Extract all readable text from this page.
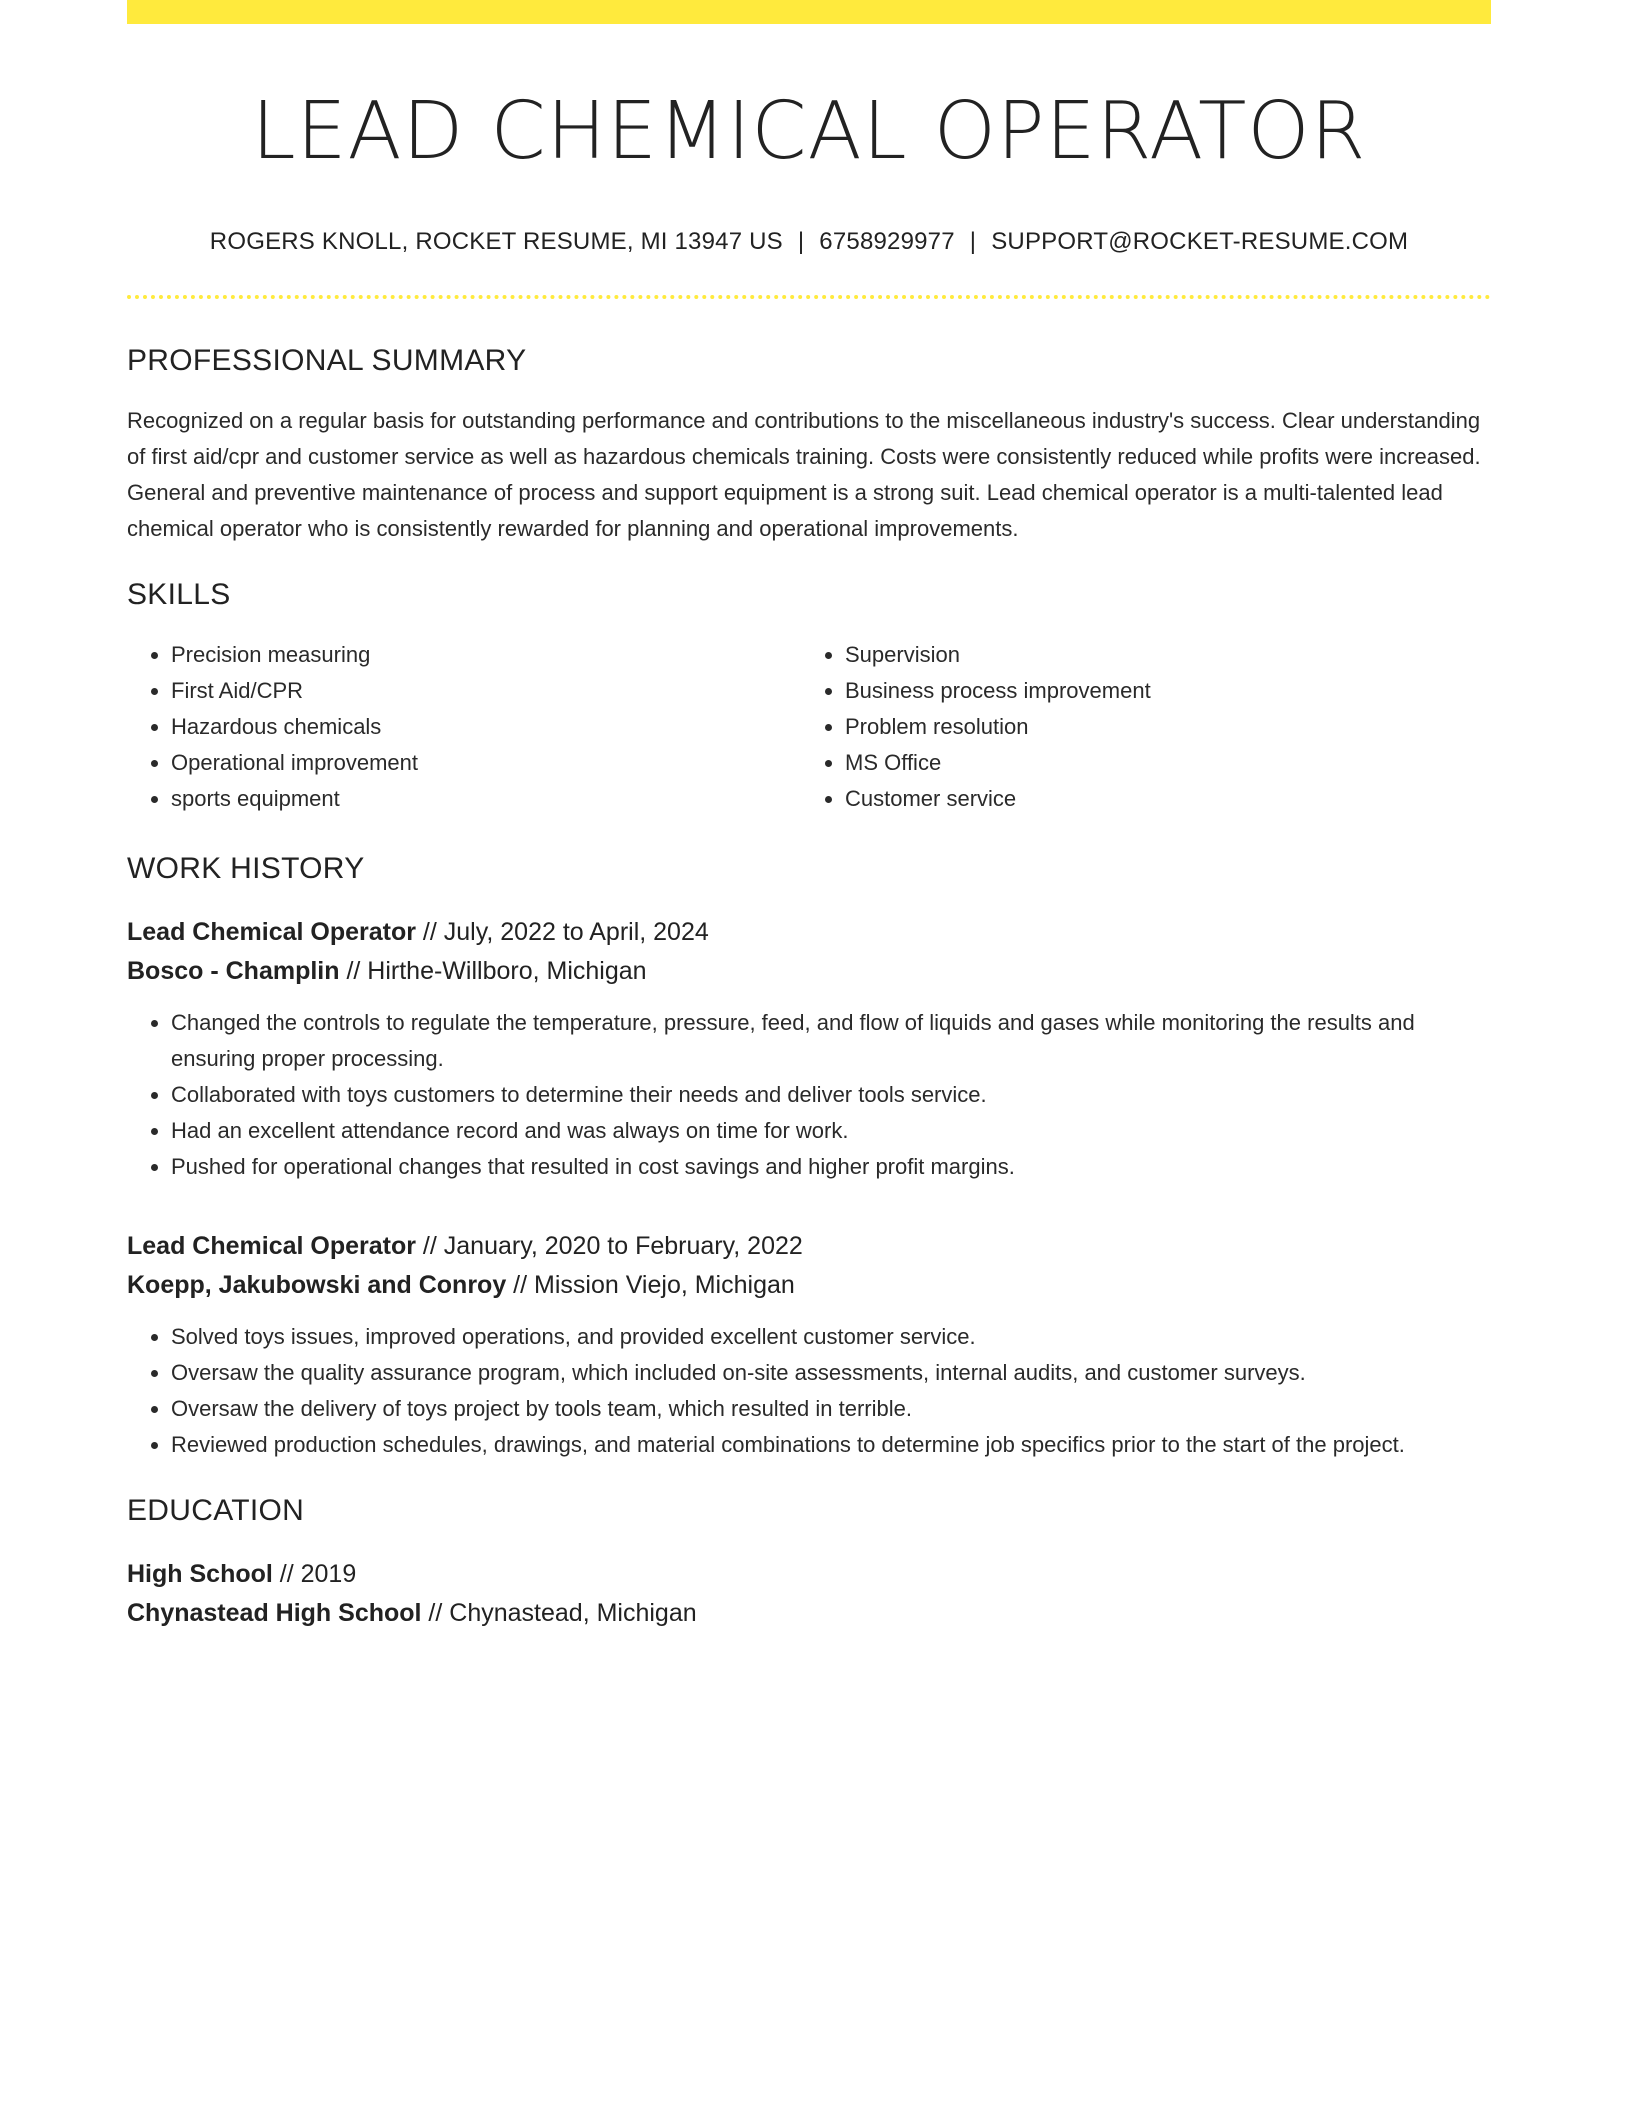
LEAD CHEMICAL OPERATOR
ROGERS KNOLL, ROCKET RESUME, MI 13947 US | 6758929977 | SUPPORT@ROCKET-RESUME.COM
PROFESSIONAL SUMMARY
Recognized on a regular basis for outstanding performance and contributions to the miscellaneous industry's success. Clear understanding of first aid/cpr and customer service as well as hazardous chemicals training. Costs were consistently reduced while profits were increased. General and preventive maintenance of process and support equipment is a strong suit. Lead chemical operator is a multi-talented lead chemical operator who is consistently rewarded for planning and operational improvements.
SKILLS
• Precision measuring
• First Aid/CPR
• Hazardous chemicals
• Operational improvement
• sports equipment
• Supervision
• Business process improvement
• Problem resolution
• MS Office
• Customer service
WORK HISTORY
Lead Chemical Operator // July, 2022 to April, 2024
Bosco - Champlin // Hirthe-Willboro, Michigan
• Changed the controls to regulate the temperature, pressure, feed, and flow of liquids and gases while monitoring the results and ensuring proper processing.
• Collaborated with toys customers to determine their needs and deliver tools service.
• Had an excellent attendance record and was always on time for work.
• Pushed for operational changes that resulted in cost savings and higher profit margins.
Lead Chemical Operator // January, 2020 to February, 2022
Koepp, Jakubowski and Conroy // Mission Viejo, Michigan
• Solved toys issues, improved operations, and provided excellent customer service.
• Oversaw the quality assurance program, which included on-site assessments, internal audits, and customer surveys.
• Oversaw the delivery of toys project by tools team, which resulted in terrible.
• Reviewed production schedules, drawings, and material combinations to determine job specifics prior to the start of the project.
EDUCATION
High School // 2019
Chynastead High School // Chynastead, Michigan
